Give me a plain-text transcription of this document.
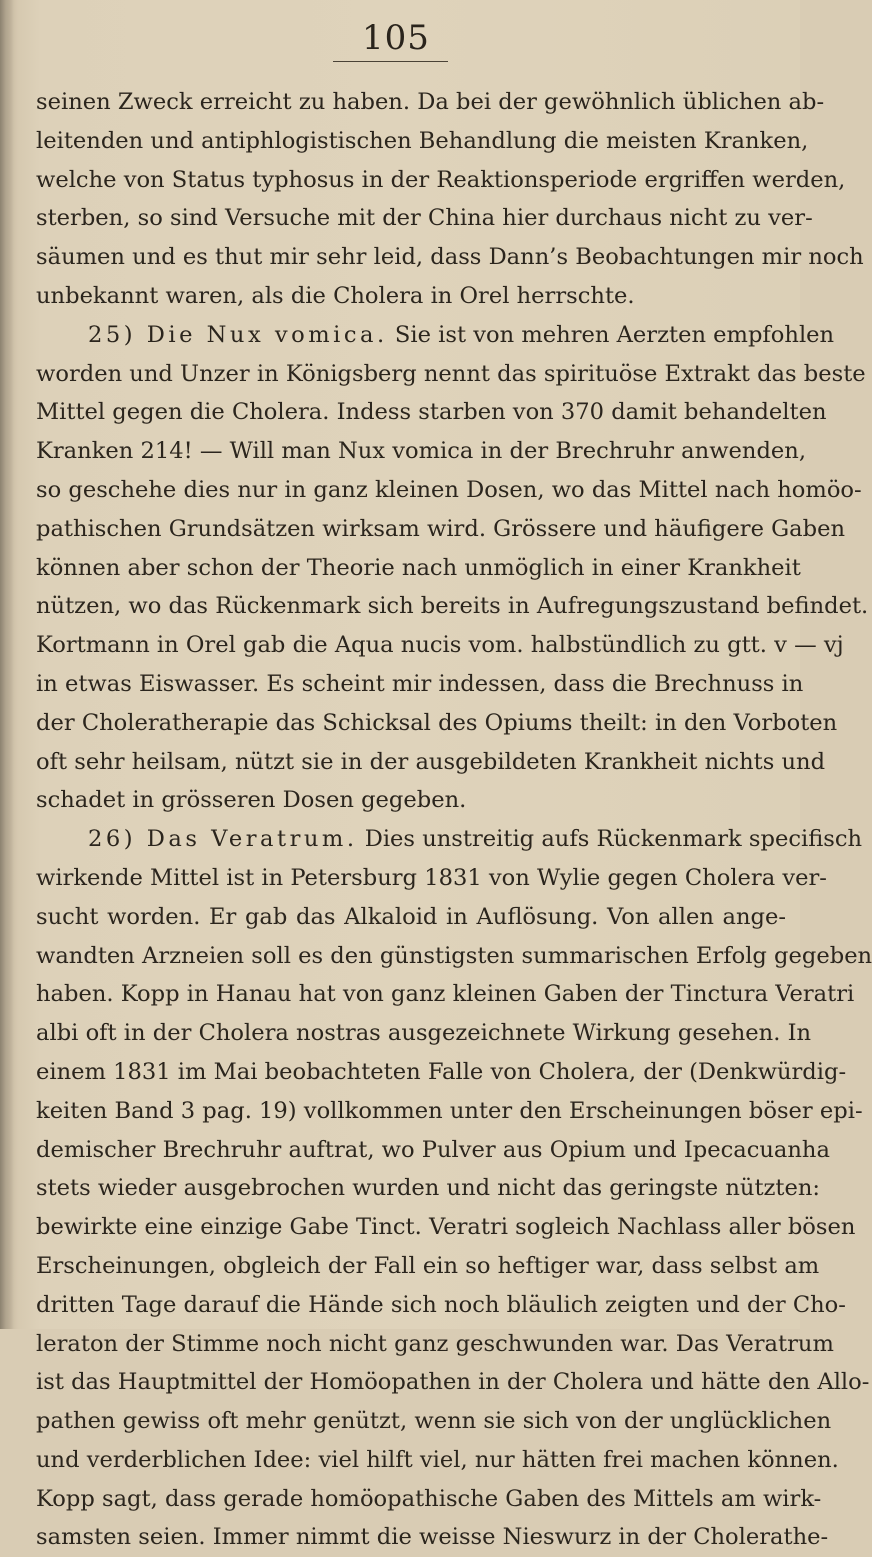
105
seinen Zweck erreicht zu haben. Da bei der gewöhnlich üblichen ab-
leitenden und antiphlogistischen Behandlung die meisten Kranken,
welche von Status typhosus in der Reaktionsperiode ergriffen werden,
sterben, so sind Versuche mit der China hier durchaus nicht zu ver-
säumen und es thut mir sehr leid, dass Dann’s Beobachtungen mir noch
unbekannt waren, als die Cholera in Orel herrschte.
25) Die Nux vomica. Sie ist von mehren Aerzten empfohlen
worden und Unzer in Königsberg nennt das spirituöse Extrakt das beste
Mittel gegen die Cholera. Indess starben von 370 damit behandelten
Kranken 214! — Will man Nux vomica in der Brechruhr anwenden,
so geschehe dies nur in ganz kleinen Dosen, wo das Mittel nach homöo-
pathischen Grundsätzen wirksam wird. Grössere und häufigere Gaben
können aber schon der Theorie nach unmöglich in einer Krankheit
nützen, wo das Rückenmark sich bereits in Aufregungszustand befindet.
Kortmann in Orel gab die Aqua nucis vom. halbstündlich zu gtt. v — vj
in etwas Eiswasser. Es scheint mir indessen, dass die Brechnuss in
der Choleratherapie das Schicksal des Opiums theilt: in den Vorboten
oft sehr heilsam, nützt sie in der ausgebildeten Krankheit nichts und
schadet in grösseren Dosen gegeben.
26) Das Veratrum. Dies unstreitig aufs Rückenmark specifisch
wirkende Mittel ist in Petersburg 1831 von Wylie gegen Cholera ver-
sucht worden. Er gab das Alkaloid in Auflösung. Von allen ange-
wandten Arzneien soll es den günstigsten summarischen Erfolg gegeben
haben. Kopp in Hanau hat von ganz kleinen Gaben der Tinctura Veratri
albi oft in der Cholera nostras ausgezeichnete Wirkung gesehen. In
einem 1831 im Mai beobachteten Falle von Cholera, der (Denkwürdig-
keiten Band 3 pag. 19) vollkommen unter den Erscheinungen böser epi-
demischer Brechruhr auftrat, wo Pulver aus Opium und Ipecacuanha
stets wieder ausgebrochen wurden und nicht das geringste nützten:
bewirkte eine einzige Gabe Tinct. Veratri sogleich Nachlass aller bösen
Erscheinungen, obgleich der Fall ein so heftiger war, dass selbst am
dritten Tage darauf die Hände sich noch bläulich zeigten und der Cho-
leraton der Stimme noch nicht ganz geschwunden war. Das Veratrum
ist das Hauptmittel der Homöopathen in der Cholera und hätte den Allo-
pathen gewiss oft mehr genützt, wenn sie sich von der unglücklichen
und verderblichen Idee: viel hilft viel, nur hätten frei machen können.
Kopp sagt, dass gerade homöopathische Gaben des Mittels am wirk-
samsten seien. Immer nimmt die weisse Nieswurz in der Cholerathe-
